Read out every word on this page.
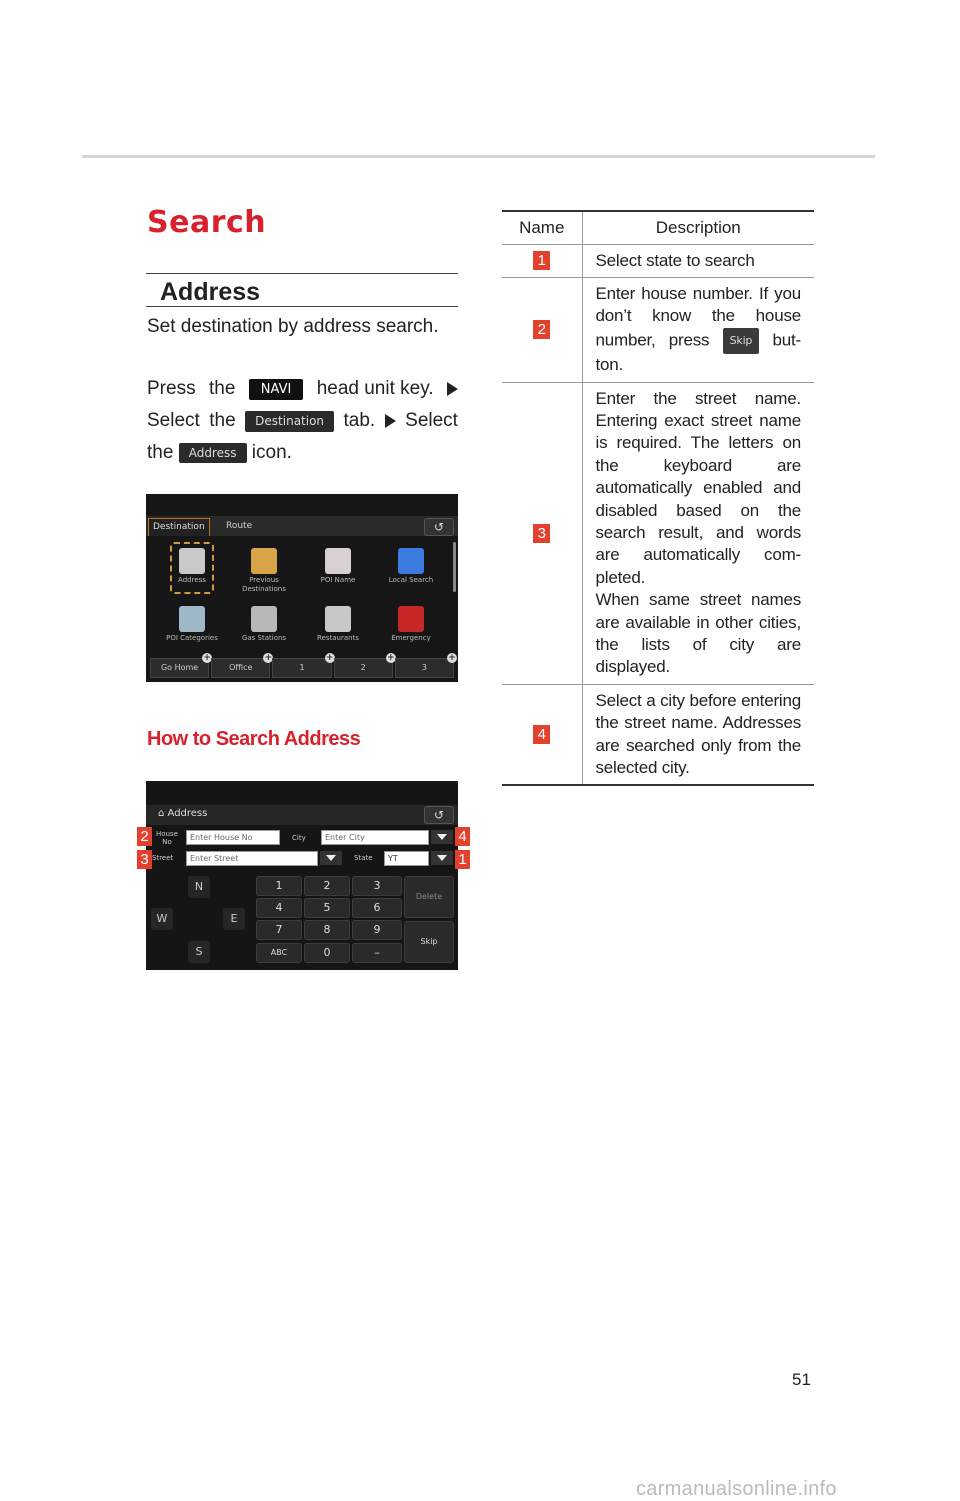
Search
Address
Set destination by address search.
Press the	NAVI	head unit key.
Select the	Destination	tab. Select
the Address icon.
Destination	Route	↺
Address	Previous Destinations
POI Name	Local Search
POI Categories	Gas Stations	Restaurants	Emergency
Go Home
+
Office
+
1
+
2
+
3
+
How to Search Address
⌂ Address	↺
House No	Enter House No	City	Enter City
Street	Enter Street	State	YT
N
W	E
S
1	2	3
4	5	6
7	8	9
ABC	0	–
Delete
Skip
2
3
4
1
Name	Description
1	Select state to search
2	Enter house number. If you don’t know the house number, press Skip but-ton.
3	Enter the street name. Entering exact street name is required. The letters on the keyboard are automatically enabled and disabled based on the search result, and words are automatically com-pleted.
When same street names are available in other cities, the lists of city are displayed.
4	Select a city before entering the street name. Addresses are searched only from the selected city.
51
carmanualsonline.info
